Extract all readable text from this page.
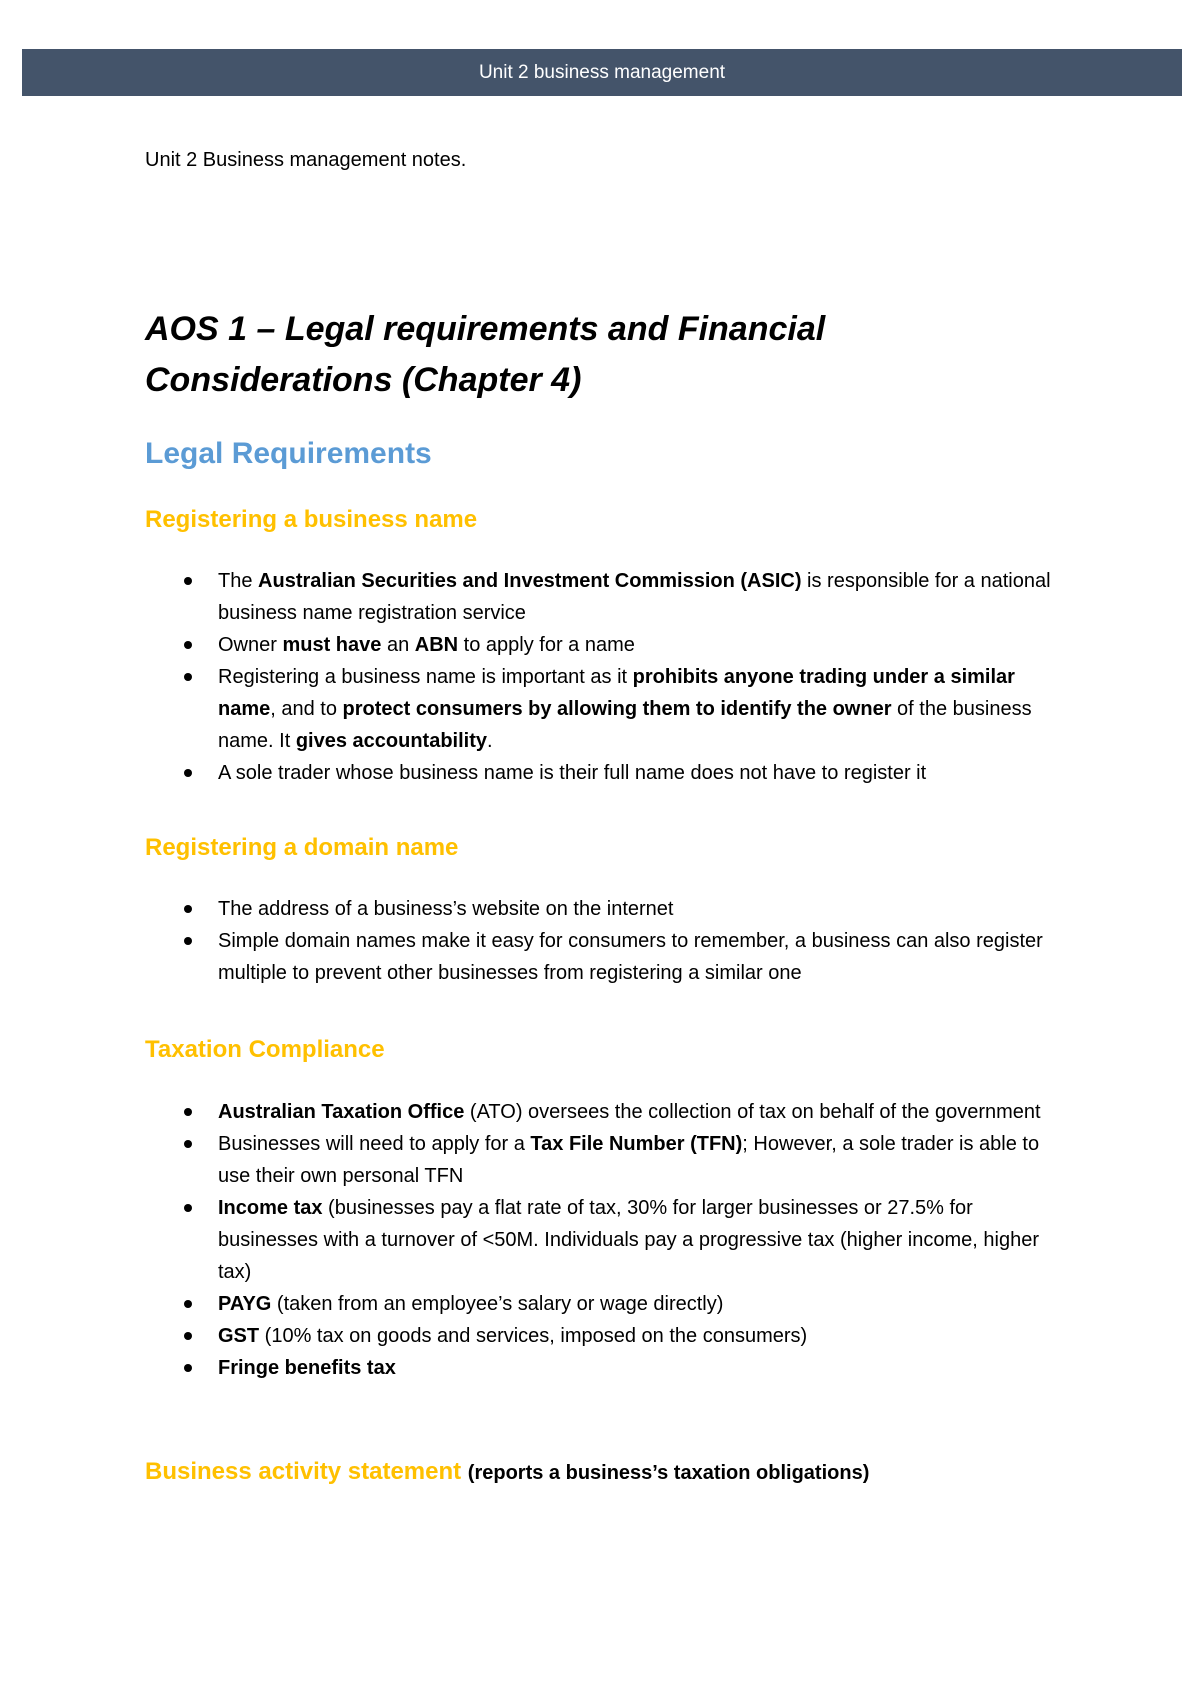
Unit 2 business management
Unit 2 Business management notes.
AOS 1 – Legal requirements and Financial Considerations (Chapter 4)
Legal Requirements
Registering a business name
The Australian Securities and Investment Commission (ASIC) is responsible for a national business name registration service
Owner must have an ABN to apply for a name
Registering a business name is important as it prohibits anyone trading under a similar name, and to protect consumers by allowing them to identify the owner of the business name. It gives accountability.
A sole trader whose business name is their full name does not have to register it
Registering a domain name
The address of a business’s website on the internet
Simple domain names make it easy for consumers to remember, a business can also register multiple to prevent other businesses from registering a similar one
Taxation Compliance
Australian Taxation Office (ATO) oversees the collection of tax on behalf of the government
Businesses will need to apply for a Tax File Number (TFN); However, a sole trader is able to use their own personal TFN
Income tax (businesses pay a flat rate of tax, 30% for larger businesses or 27.5% for businesses with a turnover of <50M. Individuals pay a progressive tax (higher income, higher tax)
PAYG (taken from an employee’s salary or wage directly)
GST (10% tax on goods and services, imposed on the consumers)
Fringe benefits tax
Business activity statement (reports a business’s taxation obligations)
